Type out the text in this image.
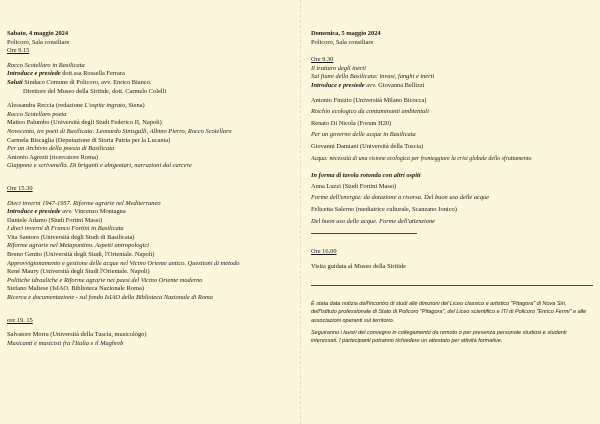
Sabato, 4 maggio 2024
Policoro, Sala consiliare
Ore 9.15
Rocco Scotellaro in Basilicata
Introduce e presiede dott.ssa Rossella Ferrara
Saluti Sindaco Comune di Policoro, avv. Enrico Bianco.
Direttore del Museo della Siritide, dott. Carmelo Colelli
Alessandra Reccia (redazione L'ospite ingrato, Siena)
Rocco Scotellaro poeta
Matteo Palumbo (Università degli Studi Federico II, Napoli)
Novecento, tre poeti di Basilicata: Leonardo Sinisgalli, Albino Pierro, Rocco Scotellaro
Carmela Biscaglia (Deputazione di Storia Patria per la Lucania)
Per un Archivio della poesia di Basilicata
Antonio Agresti (ricercatore Roma)
Giappone e scrivanello. Di briganti e abigeatari, narrazioni dal carcere
Ore 15.30
Dieci inverni 1947-1957. Riforme agrarie nel Mediterraneo
Introduce e presiede avv. Vincenzo Montagna
Daniele Adamo (Studi Fortini Massi)
I dieci inverni di Franco Fortini in Basilicata
Vita Santoro (Università degli Studi di Basilicata)
Riforme agrarie nel Metapontino. Aspetti antropologici
Bruno Genito (Università degli Studi, l'Orientale. Napoli)
Approvvigionamento e gestione delle acque nel Vicino Oriente antico. Questioni di metodo
René Maury (Università degli Studi l'Orientale. Napoli)
Politiche idrauliche e Riforme agrarie nei paesi del Vicino Oriente moderno
Stefano Maltese (IsIAO. Biblioteca Nazionale Roma)
Ricerca e documentazione - sul fondo IsIAO della Biblioteca Nazionale di Roma
ore 19. 15
Salvatore Morra (Università della Tuscia, musicologo)
Musicanti e musicisti fra l'Italia e il Maghreb
Domenica, 5 maggio 2024
Policoro, Sala consiliare
Ore 9.30
Il tratturo degli inerti
Sui fiumi della Basilicata: invasi, fanghi e inerti
Introduce e presiede avv. Giovanna Bellizzi
Antonio Finizio (Università Milano Bicocca)
Rischio ecologico da contaminanti ambientali
Renato Di Nicola (Forum H20)
Per un governo delle acque in Basilicata
Giovanni Damiani (Università della Tuscia)
Acqua: necessità di una visione ecologica per fronteggiare la crisi globale dello sfruttamento
In forma di tavola rotonda con altri ospiti
Anna Luzzi (Studi Fortini Massi)
Forme dell'energia: da dotazione a risorsa. Del buon uso delle acque
Felicetta Salerno (mediatrice culturale, Scanzano Jonico)
Del buon uso delle acque. Forme dell'attenzione
Ore 16.00
Visita guidata al Museo della Siritide
È stata data notizia dell'incontro di studi alle direzioni del Liceo classico e artistico "Pitagora" di Nova Siri, dell'Istituto professionale di Stato di Policoro "Pitagora", del Liceo scientifico e ITI di Policoro "Enrico Fermi" e alle associazioni operanti sul territorio.
Seguiranno i lavori del convegno in collegamento da remoto o per presenza personale studiosi e studenti interessati. I partecipanti potranno richiedere un attestato per attività formative.
